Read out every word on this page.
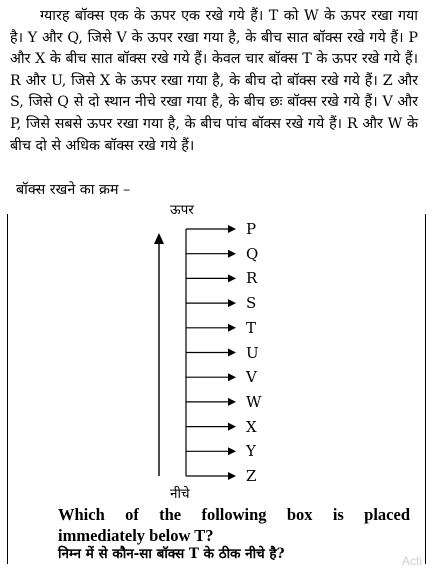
ग्यारह बॉक्स एक के ऊपर एक रखे गये हैं। T को W के ऊपर रखा गया है। Y और Q, जिसे V के ऊपर रखा गया है, के बीच सात बॉक्स रखे गये हैं। P और X के बीच सात बॉक्स रखे गये हैं। केवल चार बॉक्स T के ऊपर रखे गये हैं। R और U, जिसे X के ऊपर रखा गया है, के बीच दो बॉक्स रखे गये हैं। Z और S, जिसे Q से दो स्थान नीचे रखा गया है, के बीच छः बॉक्स रखे गये हैं। V और P, जिसे सबसे ऊपर रखा गया है, के बीच पांच बॉक्स रखे गये हैं। R और W के बीच दो से अधिक बॉक्स रखे गये हैं।

बॉक्स रखने का क्रम –
ऊपर
नीचे
P
Q
R
S
T
U
V
W
X
Y
Z

Which of the following box is placed

immediately below T?
निम्न में से कौन-सा बॉक्स T के ठीक नीचे है?	Acti
